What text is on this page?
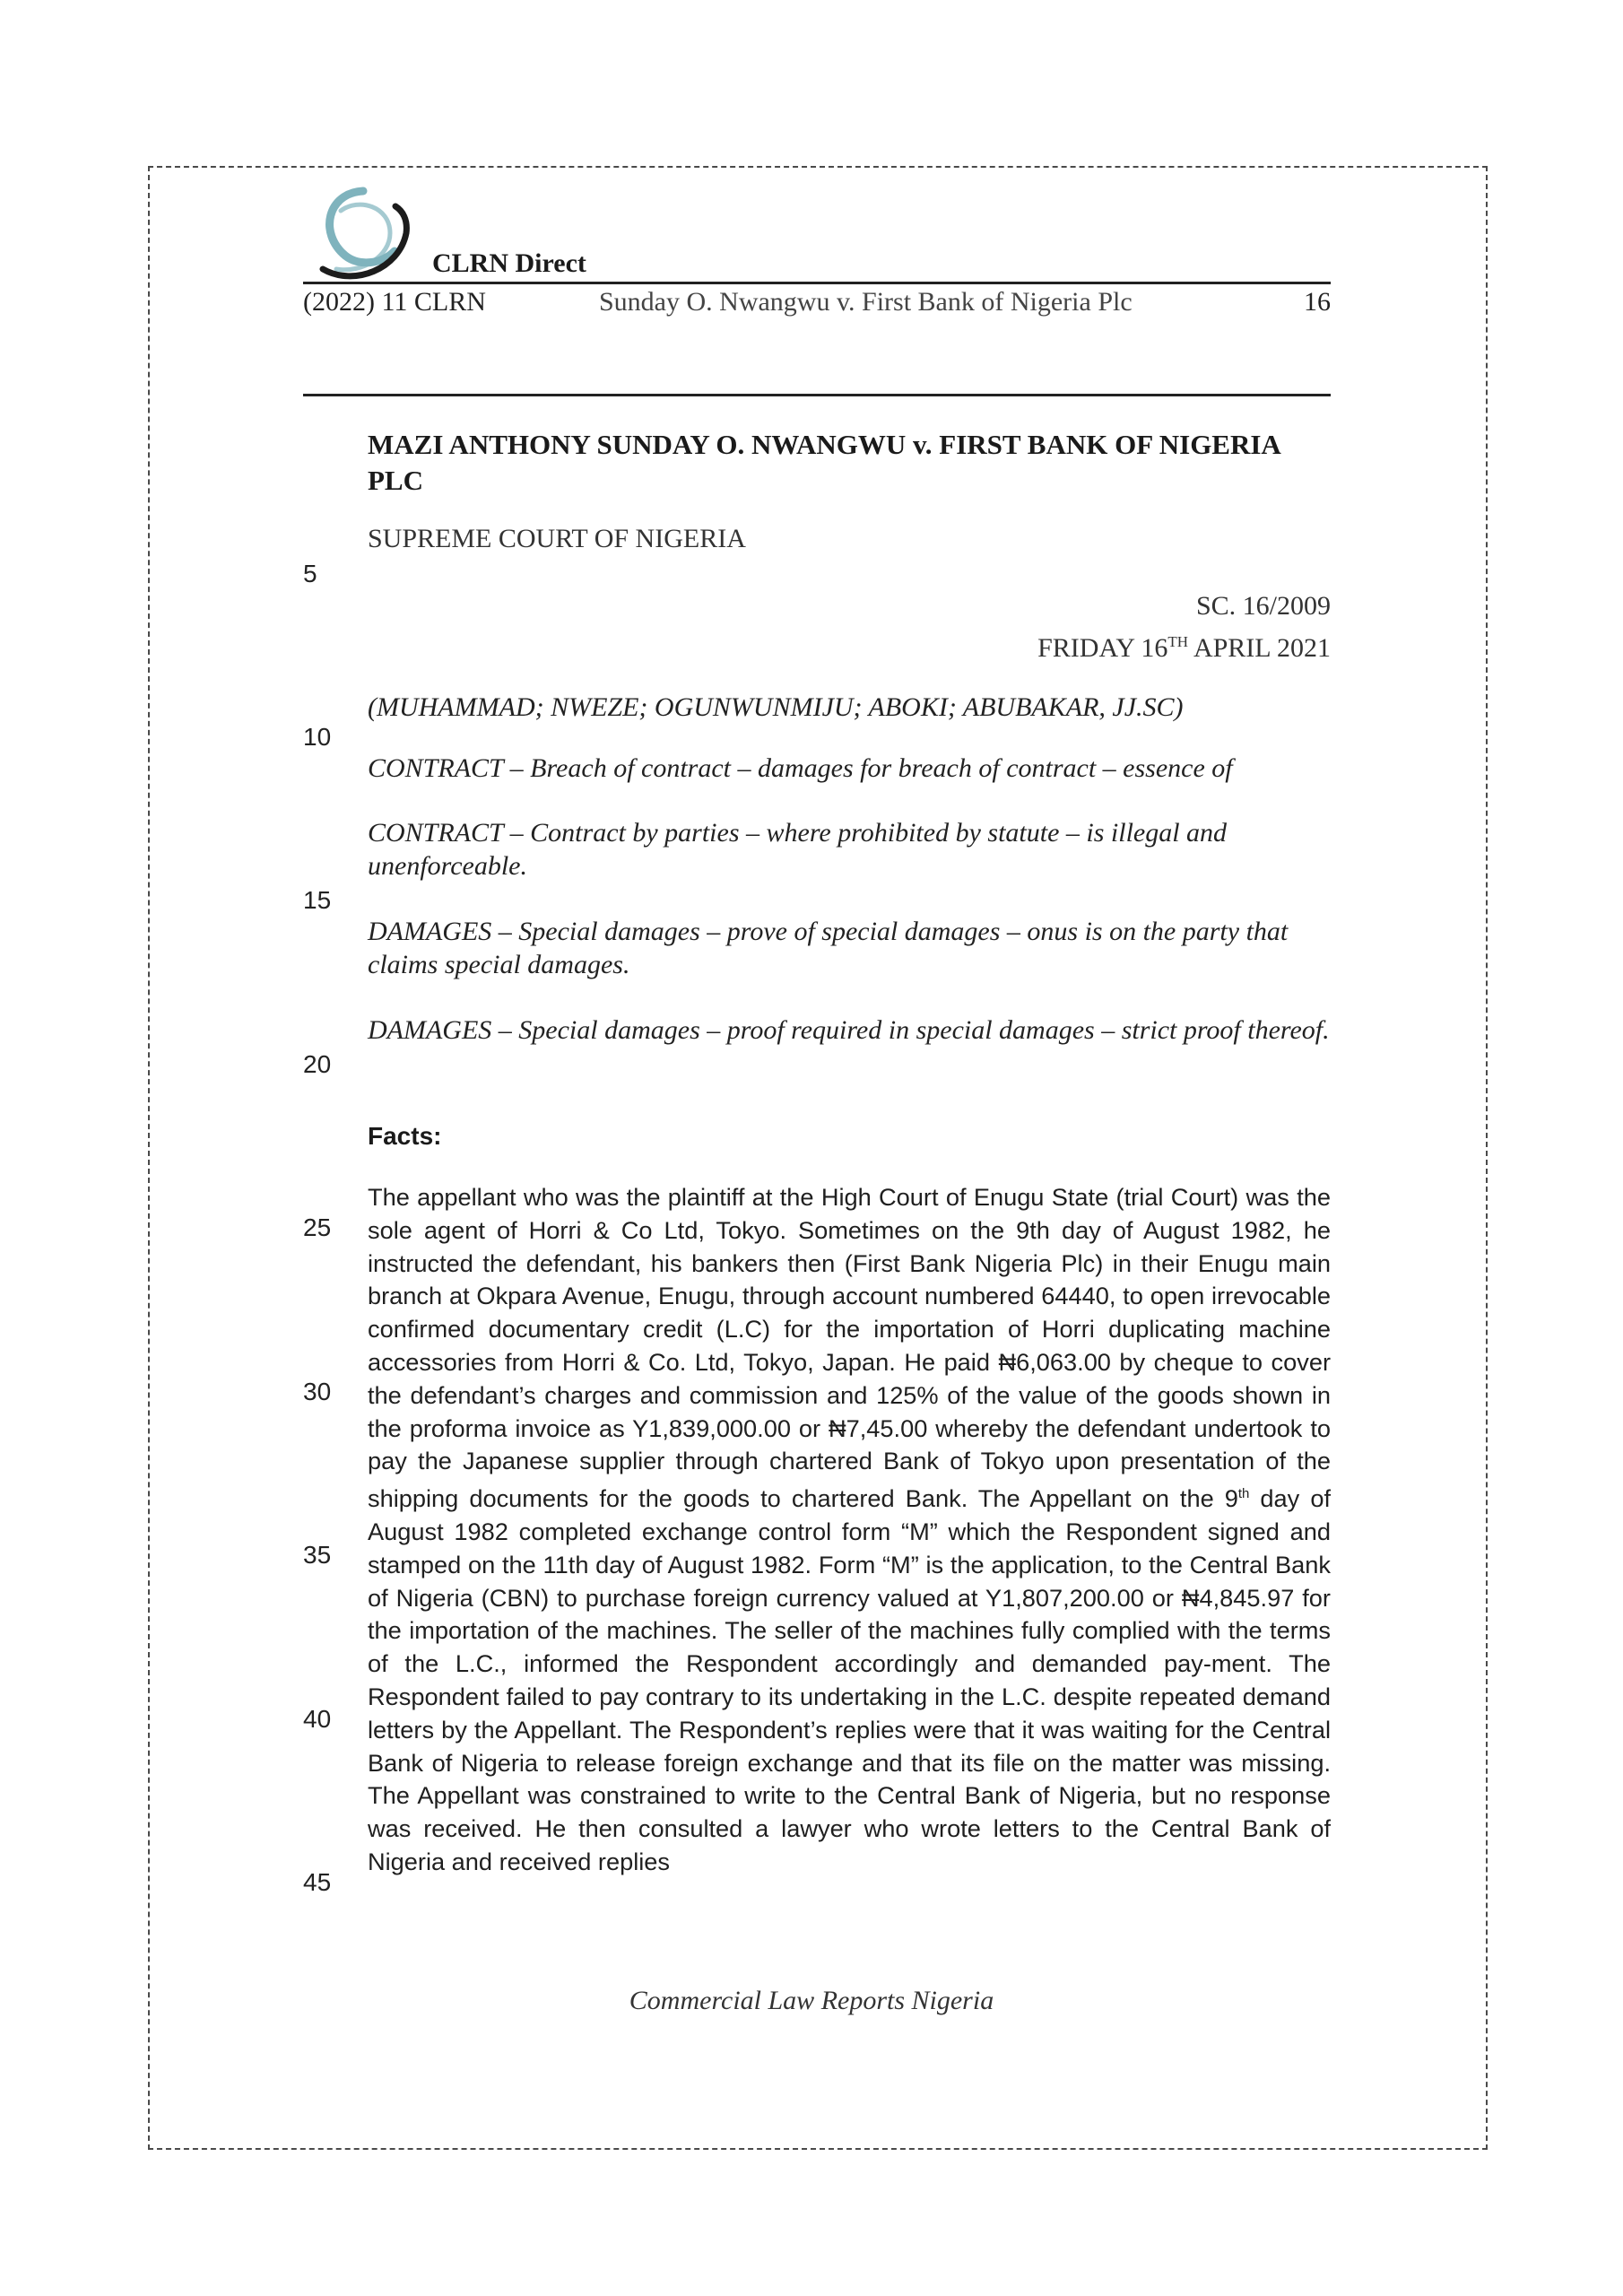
CLRN Direct
(2022) 11 CLRN	Sunday O. Nwangwu v. First Bank of Nigeria Plc	16
5
10
15
20
25
30
35
40
45
MAZI ANTHONY SUNDAY O. NWANGWU v. FIRST BANK OF NIGERIA PLC
SUPREME COURT OF NIGERIA
SC. 16/2009
FRIDAY 16TH APRIL 2021
(MUHAMMAD; NWEZE; OGUNWUNMIJU; ABOKI; ABUBAKAR, JJ.SC)
CONTRACT – Breach of contract – damages for breach of contract – essence of
CONTRACT – Contract by parties – where prohibited by statute – is illegal and unenforceable.
DAMAGES – Special damages – prove of special damages – onus is on the party that claims special damages.
DAMAGES – Special damages – proof required in special damages – strict proof thereof.
Facts:
The appellant who was the plaintiff at the High Court of Enugu State (trial Court) was the sole agent of Horri & Co Ltd, Tokyo. Sometimes on the 9th day of August 1982, he instructed the defendant, his bankers then (First Bank Nigeria Plc) in their Enugu main branch at Okpara Avenue, Enugu, through account numbered 64440, to open irrevocable confirmed documentary credit (L.C) for the importation of Horri duplicating machine accessories from Horri & Co. Ltd, Tokyo, Japan. He paid ₦6,063.00 by cheque to cover the defendant’s charges and commission and 125% of the value of the goods shown in the proforma invoice as Y1,839,000.00 or ₦7,45.00 whereby the defendant undertook to pay the Japanese supplier through chartered Bank of Tokyo upon presentation of the shipping documents for the goods to chartered Bank. The Appellant on the 9th day of August 1982 completed exchange control form “M” which the Respondent signed and stamped on the 11th day of August 1982. Form “M” is the application, to the Central Bank of Nigeria (CBN) to purchase foreign currency valued at Y1,807,200.00 or ₦4,845.97 for the importation of the machines. The seller of the machines fully complied with the terms of the L.C., informed the Respondent accordingly and demanded pay-ment. The Respondent failed to pay contrary to its undertaking in the L.C. despite repeated demand letters by the Appellant. The Respondent’s replies were that it was waiting for the Central Bank of Nigeria to release foreign exchange and that its file on the matter was missing. The Appellant was constrained to write to the Central Bank of Nigeria, but no response was received. He then consulted a lawyer who wrote letters to the Central Bank of Nigeria and received replies
Commercial Law Reports Nigeria
